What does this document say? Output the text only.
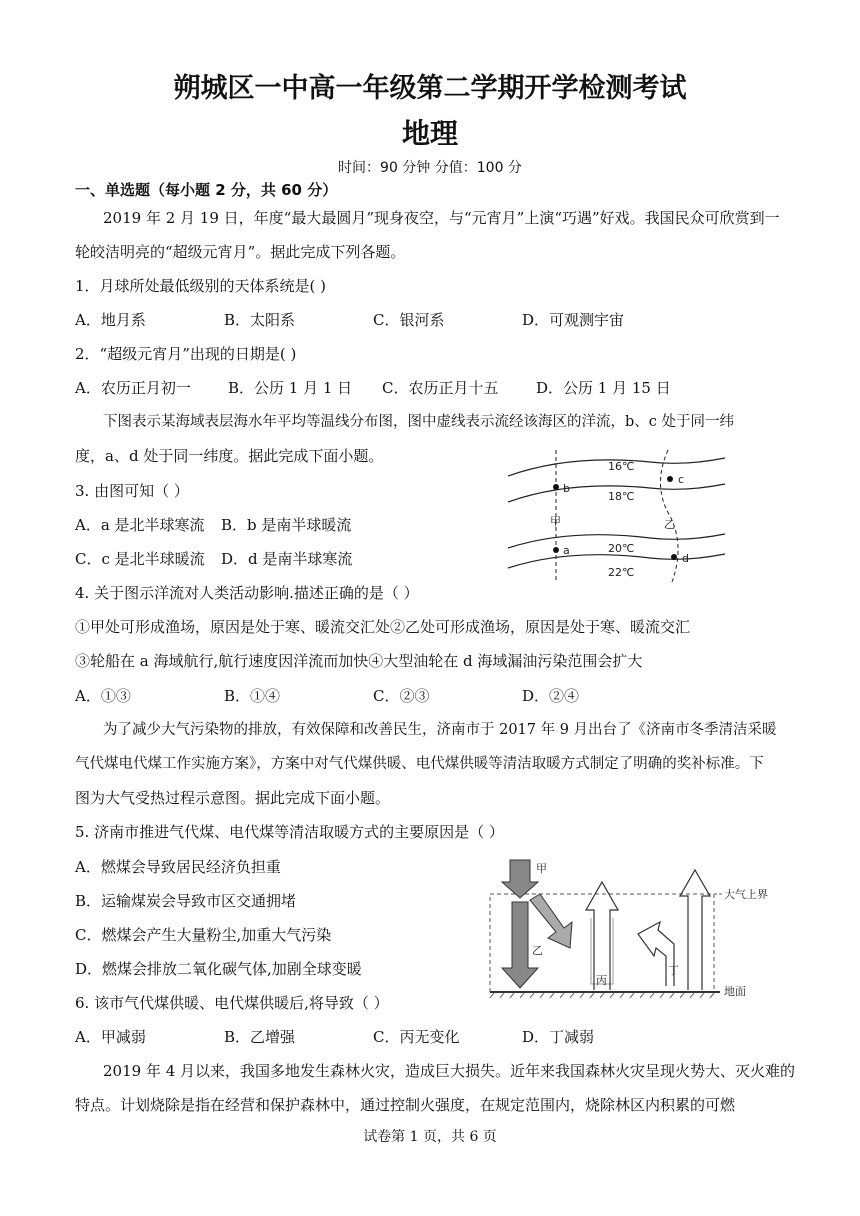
朔城区一中高一年级第二学期开学检测考试
地理
时间：90 分钟 分值：100 分
一、单选题（每小题 2 分，共 60 分）
2019 年 2 月 19 日，年度“最大最圆月”现身夜空，与“元宵月”上演“巧遇”好戏。我国民众可欣赏到一
轮皎洁明亮的“超级元宵月”。据此完成下列各题。
1．月球所处最低级别的天体系统是( )
A．地月系	B．太阳系	C．银河系	D．可观测宇宙
2．“超级元宵月”出现的日期是( )
A．农历正月初一 B．公历 1 月 1 日 C．农历正月十五	D．公历 1 月 15 日
下图表示某海域表层海水年平均等温线分布图，图中虚线表示流经该海区的洋流，b、c 处于同一纬
度，a、d 处于同一纬度。据此完成下面小题。
3. 由图可知（ ）
A．a 是北半球寒流 B．b 是南半球暖流
C．c 是北半球暖流 D．d 是南半球寒流
16℃
18℃
20℃
22℃
甲	乙
b
a
c
d
4. 关于图示洋流对人类活动影响.描述正确的是（ ）
①甲处可形成渔场，原因是处于寒、暖流交汇处②乙处可形成渔场，原因是处于寒、暖流交汇
③轮船在 a 海域航行,航行速度因洋流而加快④大型油轮在 d 海域漏油污染范围会扩大
A．①③	B．①④	C．②③	D．②④
为了减少大气污染物的排放，有效保障和改善民生，济南市于 2017 年 9 月出台了《济南市冬季清洁采暖
气代煤电代煤工作实施方案》，方案中对气代煤供暖、电代煤供暖等清洁取暖方式制定了明确的奖补标准。下
图为大气受热过程示意图。据此完成下面小题。
5. 济南市推进气代煤、电代煤等清洁取暖方式的主要原因是（ ）
A．燃煤会导致居民经济负担重
B．运输煤炭会导致市区交通拥堵
C．燃煤会产生大量粉尘,加重大气污染
D．燃煤会排放二氧化碳气体,加剧全球变暖
甲
乙
丙
丁
大气上界
地面
6. 该市气代煤供暖、电代煤供暖后,将导致（ ）
A．甲减弱	B．乙增强	C．丙无变化	D．丁减弱
2019 年 4 月以来，我国多地发生森林火灾，造成巨大损失。近年来我国森林火灾呈现火势大、灭火难的
特点。计划烧除是指在经营和保护森林中，通过控制火强度，在规定范围内，烧除林区内积累的可燃
试卷第 1 页，共 6 页
